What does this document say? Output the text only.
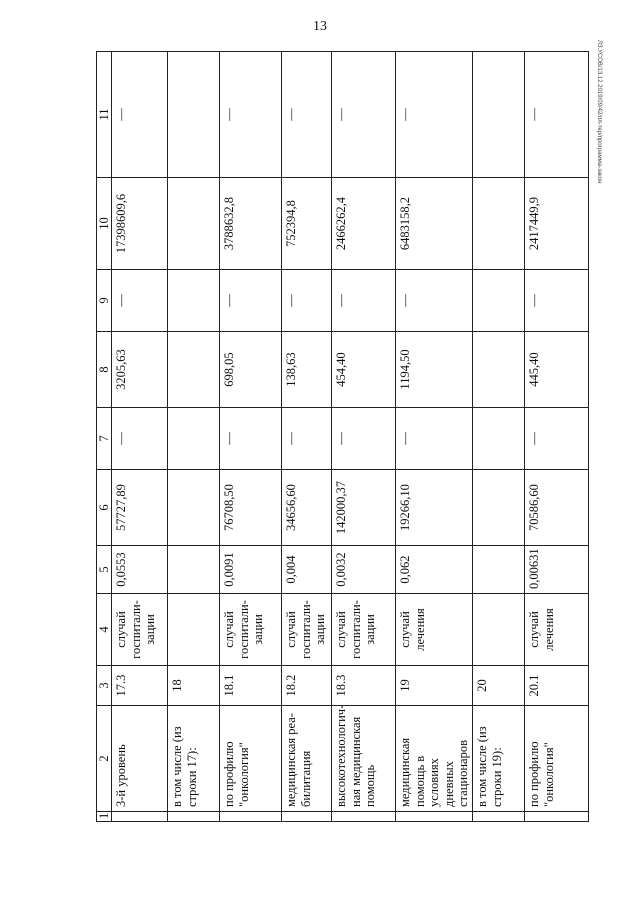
13
ЛЗ.УСОВ/13.12.2019/09/42/пл-тер/программа-закон
1	2	3	4	5	6	7	8	9	10	11
	3-й уровень	17.3	случай госпитали-зации	0,0553	57727,89	—	3205,63	—	17398609,6	—
	в том числе (из строки 17):	18								
	по профилю "онкология"	18.1	случай госпитали-зации	0,0091	76708,50	—	698,05	—	3788632,8	—
	медицинская реа-билитация	18.2	случай госпитали-зации	0,004	34656,60	—	138,63	—	752394,8	—
	высокотехнологич-ная медицинская помощь	18.3	случай госпитали-зации	0,0032	142000,37	—	454,40	—	2466262,4	—
	медицинская помощь в условиях дневных стационаров	19	случай лечения	0,062	19266,10	—	1194,50	—	6483158,2	—
	в том числе (из строки 19):	20								
	по профилю "онкология"	20.1	случай лечения	0,00631	70586,60	—	445,40	—	2417449,9	—
